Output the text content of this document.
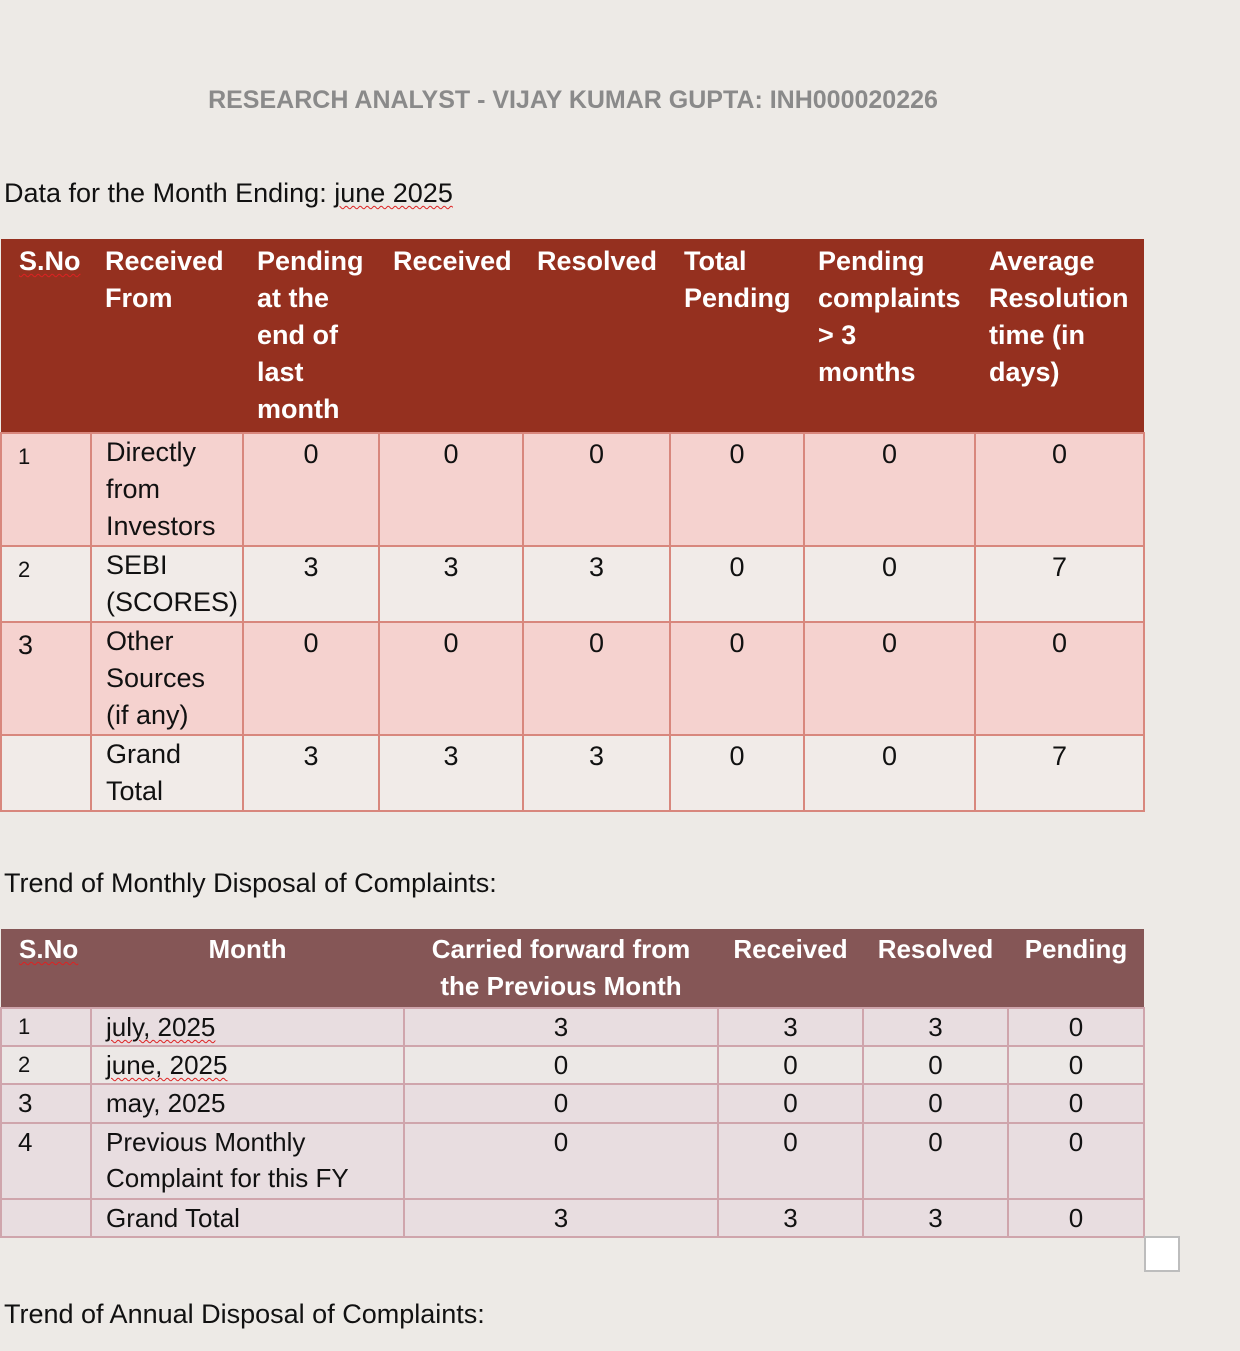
RESEARCH ANALYST - VIJAY KUMAR GUPTA: INH000020226
Data for the Month Ending: june 2025
S.No	Received From	Pending at the end of last month	Received	Resolved	Total Pending	Pending complaints > 3 months	Average Resolution time (in days)
1	Directly from Investors	0	0	0	0	0	0
2	SEBI (SCORES)	3	3	3	0	0	7
3	Other Sources (if any)	0	0	0	0	0	0
	Grand Total	3	3	3	0	0	7
Trend of Monthly Disposal of Complaints:
S.No	Month	Carried forward from the Previous Month	Received	Resolved	Pending
1	july, 2025	3	3	3	0
2	june, 2025	0	0	0	0
3	may, 2025	0	0	0	0
4	Previous Monthly Complaint for this FY	0	0	0	0
	Grand Total	3	3	3	0
Trend of Annual Disposal of Complaints:
